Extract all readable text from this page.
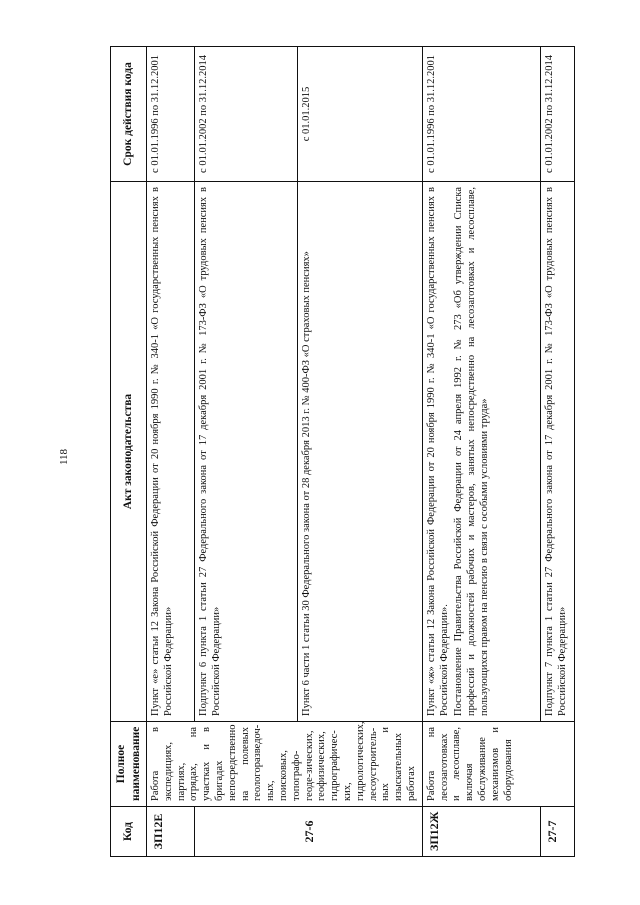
118
Код	Полное наименование	Акт законодательства	Срок действия кода
ЗП12Е	Работа в экспедициях, партиях, отрядах, на участках и в бригадах непосредственно на полевых геологоразведоч-ных, поисковых, топографо-геоде-зических, геофизических, гидрографичес-ких, гидрологических, лесоустроитель-ных и изыскательных работах	Пункт «е» статьи 12 Закона Российской Федерации от 20 ноября 1990 г. № 340-1 «О государственных пенсиях в Российской Федерации»	с 01.01.1996 по 31.12.2001
27-6		Подпункт 6 пункта 1 статьи 27 Федерального закона от 17 декабря 2001 г. № 173-ФЗ «О трудовых пенсиях в Российской Федерации»	с 01.01.2002 по 31.12.2014

		Пункт 6 части 1 статьи 30 Федерального закона от 28 декабря 2013 г. № 400-ФЗ «О страховых пенсиях»	с 01.01.2015
ЗП12Ж	Работа на лесозаготовках и лесосплаве, включая обслуживание механизмов и оборудования	Пункт «ж» статьи 12 Закона Российской Федерации от 20 ноября 1990 г. № 340-1 «О государственных пенсиях в Российской Федерации». Постановление Правительства Российской Федерации от 24 апреля 1992 г. № 273 «Об утверждении Списка профессий и должностей рабочих и мастеров, занятых непосредственно на лесозаготовках и лесосплаве, пользующихся правом на пенсию в связи с особыми условиями труда»	с 01.01.1996 по 31.12.2001
27-7		Подпункт 7 пункта 1 статьи 27 Федерального закона от 17 декабря 2001 г. № 173-ФЗ «О трудовых пенсиях в Российской Федерации»	с 01.01.2002 по 31.12.2014
